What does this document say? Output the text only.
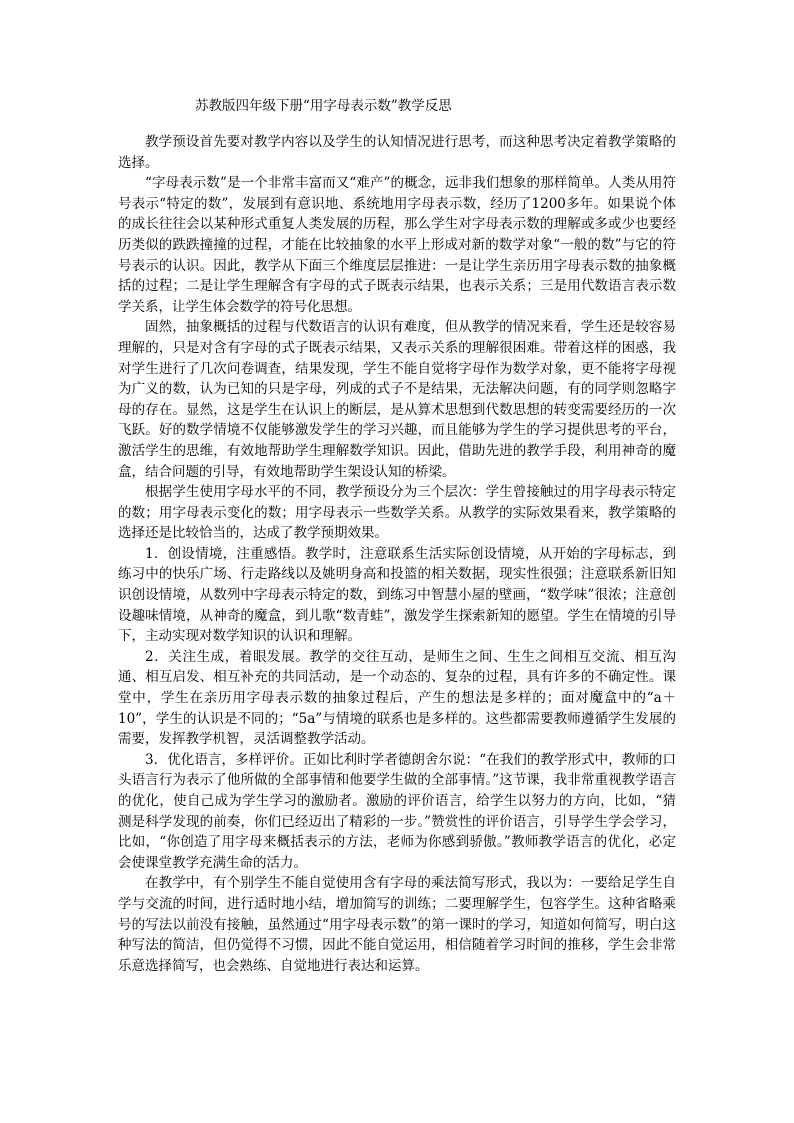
苏教版四年级下册“用字母表示数”教学反思

教学预设首先要对教学内容以及学生的认知情况进行思考，而这种思考决定着教学策略的选择。

“字母表示数”是一个非常丰富而又“难产”的概念，远非我们想象的那样简单。人类从用符号表示“特定的数”，发展到有意识地、系统地用字母表示数，经历了1200多年。如果说个体的成长往往会以某种形式重复人类发展的历程，那么学生对字母表示数的理解或多或少也要经历类似的跌跌撞撞的过程，才能在比较抽象的水平上形成对新的数学对象“一般的数”与它的符号表示的认识。因此，教学从下面三个维度层层推进：一是让学生亲历用字母表示数的抽象概括的过程；二是让学生理解含有字母的式子既表示结果，也表示关系；三是用代数语言表示数学关系，让学生体会数学的符号化思想。

固然，抽象概括的过程与代数语言的认识有难度，但从教学的情况来看，学生还是较容易理解的，只是对含有字母的式子既表示结果，又表示关系的理解很困难。带着这样的困惑，我对学生进行了几次问卷调查，结果发现，学生不能自觉将字母作为数学对象，更不能将字母视为广义的数，认为已知的只是字母，列成的式子不是结果，无法解决问题，有的同学则忽略字母的存在。显然，这是学生在认识上的断层，是从算术思想到代数思想的转变需要经历的一次飞跃。好的数学情境不仅能够激发学生的学习兴趣，而且能够为学生的学习提供思考的平台，激活学生的思维，有效地帮助学生理解数学知识。因此，借助先进的教学手段，利用神奇的魔盒，结合问题的引导，有效地帮助学生架设认知的桥梁。

根据学生使用字母水平的不同，教学预设分为三个层次：学生曾接触过的用字母表示特定的数；用字母表示变化的数；用字母表示一些数学关系。从教学的实际效果看来，教学策略的选择还是比较恰当的，达成了教学预期效果。

1．创设情境，注重感悟。教学时，注意联系生活实际创设情境，从开始的字母标志，到练习中的快乐广场、行走路线以及姚明身高和投篮的相关数据，现实性很强；注意联系新旧知识创设情境，从数列中字母表示特定的数，到练习中智慧小屋的壁画，“数学味”很浓；注意创设趣味情境，从神奇的魔盒，到儿歌“数青蛙”，激发学生探索新知的愿望。学生在情境的引导下，主动实现对数学知识的认识和理解。

2．关注生成，着眼发展。教学的交往互动，是师生之间、生生之间相互交流、相互沟通、相互启发、相互补充的共同活动，是一个动态的、复杂的过程，具有许多的不确定性。课堂中，学生在亲历用字母表示数的抽象过程后，产生的想法是多样的；面对魔盒中的“a＋10”，学生的认识是不同的；“5a”与情境的联系也是多样的。这些都需要教师遵循学生发展的需要，发挥教学机智，灵活调整教学活动。

3．优化语言，多样评价。正如比利时学者德朗舍尔说：“在我们的教学形式中，教师的口头语言行为表示了他所做的全部事情和他要学生做的全部事情。”这节课，我非常重视教学语言的优化，使自己成为学生学习的激励者。激励的评价语言，给学生以努力的方向，比如，“猜测是科学发现的前奏，你们已经迈出了精彩的一步。”赞赏性的评价语言，引导学生学会学习，比如，“你创造了用字母来概括表示的方法，老师为你感到骄傲。”教师教学语言的优化，必定会使课堂教学充满生命的活力。

在教学中，有个别学生不能自觉使用含有字母的乘法简写形式，我以为：一要给足学生自学与交流的时间，进行适时地小结，增加简写的训练；二要理解学生，包容学生。这种省略乘号的写法以前没有接触，虽然通过“用字母表示数”的第一课时的学习，知道如何简写，明白这种写法的简洁，但仍觉得不习惯，因此不能自觉运用，相信随着学习时间的推移，学生会非常乐意选择简写，也会熟练、自觉地进行表达和运算。
